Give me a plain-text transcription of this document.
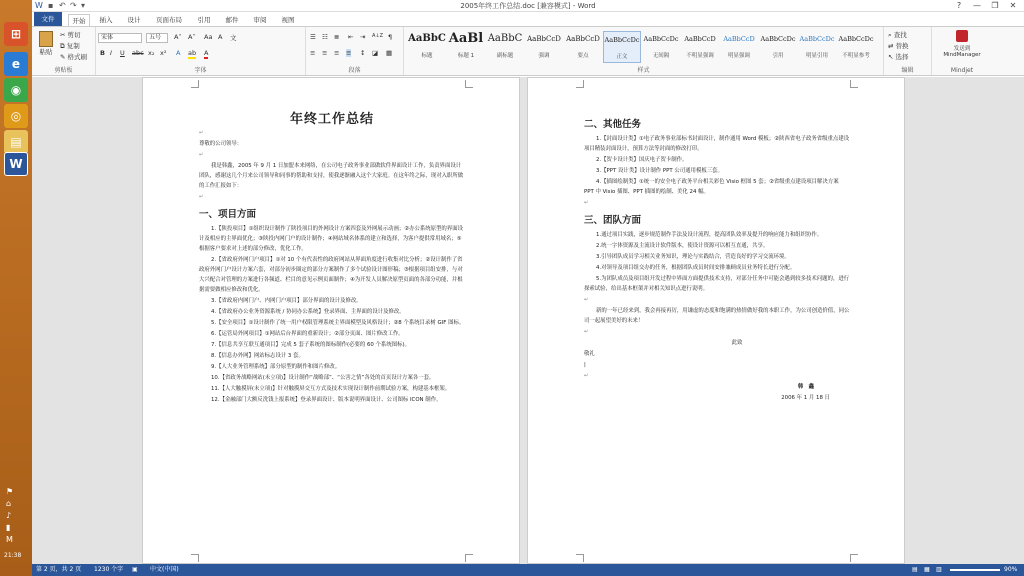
⊞
e
◉
◎
▤
W
⚑
⌂
♪
▮
M
21:38
W ▪ ↶ ↷ ▾	2005年终工作总结.doc [兼容模式] - Word	?	—	❐	✕
文件	开始	插入	设计	页面布局	引用	邮件	审阅	视图
粘贴
✂ 剪切
⧉ 复制
✎ 格式刷
剪贴板
宋体	五号	A˄ A˅ Aa A 文
B I U abc x₂ x² A ab A
字体
☰ ☷ ≣ ⇤ ⇥ A↓Z ¶
≡ ≡ ≡ ≡ ↕ ◪ ▦
段落
AaBbC
标题
AaBl
标题 1
AaBbC
副标题
AaBbCcD
强调
AaBbCcD
要点
AaBbCcDc
正文
AaBbCcDc
无间隔
AaBbCcD
不明显强调
AaBbCcD
明显强调
AaBbCcDc
引用
AaBbCcDc
明显引用
AaBbCcDc
不明显参考
样式
⌕ 查找
⇄ 替换
↖ 选择
编辑
发送到
MindManager
Mindjet
年终工作总结
↵
尊敬的公司领导：
↵
我是韩鑫，2005 年 9 月 1 日加盟本来网络，在公司电子政务事业部做软件界面设计工作，负责界面设计团队，感谢这几个月来公司领导和同事的帮助和支持，使我逐渐融入这个大家庭。在这年终之际，现对入职所做的工作汇报如下：
↵
一、项目方面
1.【陕投项目】①组织设计制作了陕投项目的外网设计方案四套及外网展示动画；②办公系统原型的界面设计及相应的主界面优化；③陕投内网门户的设计制作；④网站域名体系的建立和选择，为客户提供常用域名；⑤根据客户要求对上述的部分修改，优化工作。
2.【省政府外网门户项目】①对 10 个有代表性的政府网站从界面角度进行收集对比分析；②设计制作了省政府外网门户设计方案六套，对部分初步圈定的部分方案制作了多个试验设计图形稿；③根据项目组安排，与对大兴配合对管理的方案进行各频道、栏目的意见示例页面制作；④为开发人员解决原型页面的各部分功能，并根据需要做相应修改和优化。
3.【省政府内网门户、内网门户项目】部分界面的设计及修改。
4.【省政府办公业务资源系统 / 协同办公系统】登录界面、主界面的设计及修改。
5.【安全项目】①设计制作了统一用户权限管理系统主界面模型及风格设计；②8 个系统目录树 GIF 图标。
6.【运管局外网项目】①网站后台界面的重新设计；②部分页面、图片修改工作。
7.【信息共享互联互通项目】完成 5 套子系统的图标制作(必要的 60 个系统图标)。
8.【信息办外网】网站标志设计 3 套。
9.【人大业务管理系统】部分原型的制作和图片修改。
10.【省政务战略网站(未立项)】设计制作“战略部”、“公害之情”各处的首页设计方案各一套。
11.【人大触摸屏(未立项)】针对触摸屏交互方式及技术实现设计制作前期试验方案，构建基本框架。
12.【金融部门大额反洗钱上报系统】登录界面设计、版本说明界面设计、公司图标 ICON 制作。
二、其他任务
1.【封面设计类】①电子政务事业部标书封面设计，制作通用 Word 模板；②陕西省电子政务省级重点建设项目精装封面设计，预算方法等封面的修改打印。
2.【贺卡设计类】国庆电子贺卡制作。
3.【PPT 设计类】设计制作 PPT 公司通用模板三套。
4.【插图绘制类】①统一的安全电子政务平台相关彩色 Visio 框图 5 套；②省级重点建设项目解决方案 PPT 中 Visio 插图、PPT 插图的绘制、美化 24 幅。
↵
三、团队方面
1.通过项目实践，逐步规范制作手法及设计流程，提高团队效率及提升的响应能力和组织协作。
2.统一字体资源及主流设计软件版本，使设计资源可以相互直通，共享。
3.引导团队成员学习相关业务知识，理论与实践结合，营造良好的学习交流环境。
4.对领导及项目组交办的任务，根据团队成员时间安排兼顾成员业务特长进行分配。
5.为团队成员及项目组开发过程中界面方面提供技术支持，对部分任务中可能会遇到较多技术问题的，进行探索试验，给出基本框架并对相关知识点进行说明。
↵
新的一年已经来到，我会再接再厉，用谦虚的态度和饱满的热情做好我的本职工作，为公司创造价值，同公司一起展望美好的未来！
↵
此致
敬礼
|
↵
韩　鑫
2006 年 1 月 18 日
第 2 页，共 2 页 1230 个字 ▣ 中文(中国)	▤ ▦ ▥	90%
